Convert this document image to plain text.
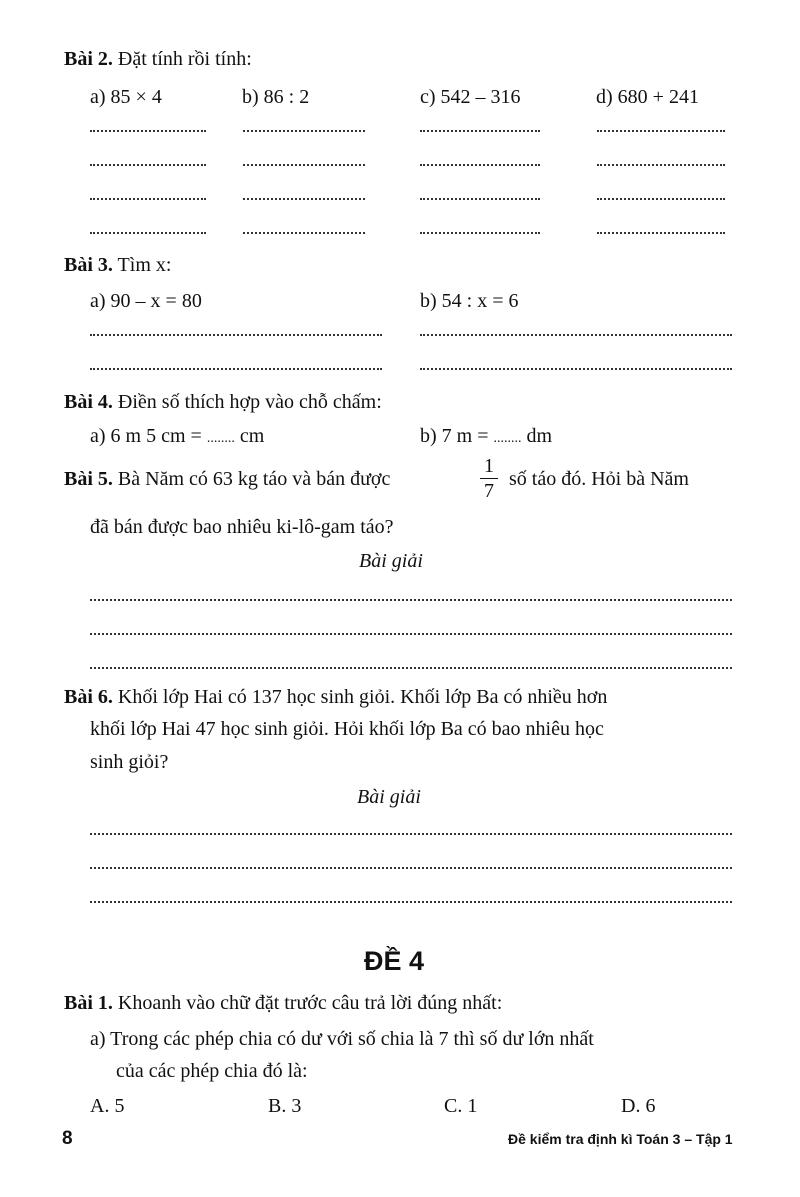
Bài 2. Đặt tính rồi tính:
a) 85 × 4	b) 86 : 2	c) 542 – 316	d) 680 + 241
Bài 3. Tìm x:
a) 90 – x = 80	b) 54 : x = 6
Bài 4. Điền số thích hợp vào chỗ chấm:
a) 6 m 5 cm = ........ cm	b) 7 m = ........ dm
Bài 5. Bà Năm có 63 kg táo và bán được
1
7
số táo đó. Hỏi bà Năm
đã bán được bao nhiêu ki-lô-gam táo?
Bài giải
Bài 6. Khối lớp Hai có 137 học sinh giỏi. Khối lớp Ba có nhiều hơn
khối lớp Hai 47 học sinh giỏi. Hỏi khối lớp Ba có bao nhiêu học
sinh giỏi?
Bài giải
ĐỀ 4
Bài 1. Khoanh vào chữ đặt trước câu trả lời đúng nhất:
a) Trong các phép chia có dư với số chia là 7 thì số dư lớn nhất
của các phép chia đó là:
A. 5	B. 3	C. 1	D. 6
8	Đề kiểm tra định kì Toán 3 – Tập 1
